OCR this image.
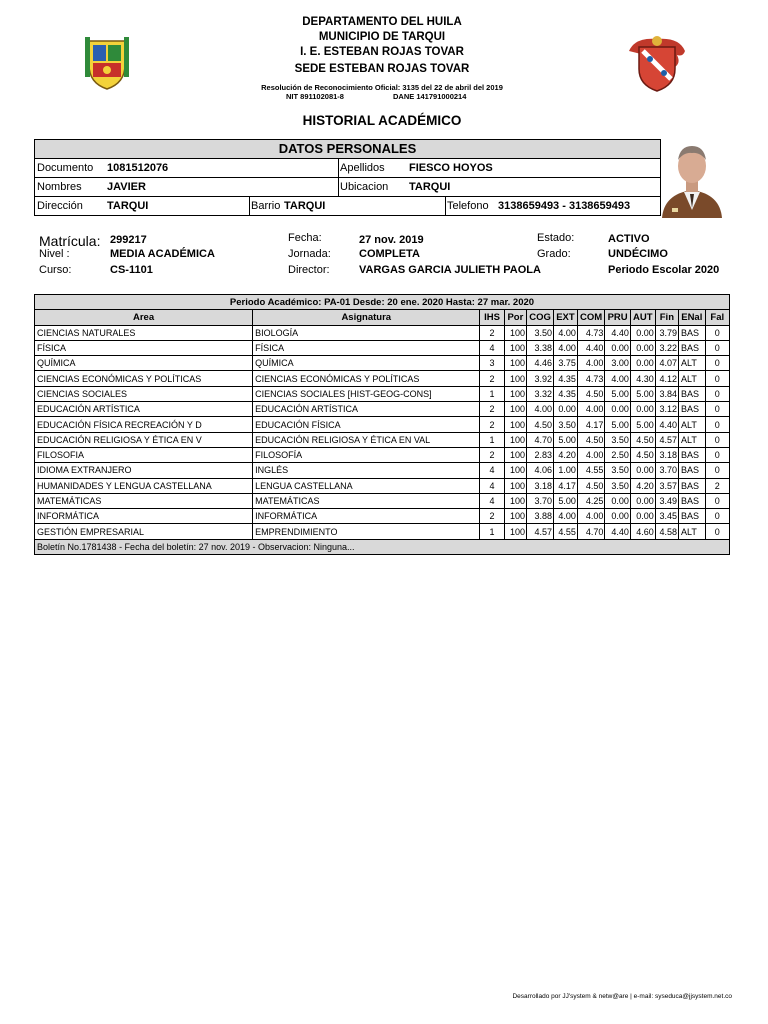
DEPARTAMENTO DEL HUILA
MUNICIPIO DE TARQUI
I. E. ESTEBAN ROJAS TOVAR
SEDE ESTEBAN ROJAS TOVAR
Resolución de Reconocimiento Oficial: 3135 del 22 de abril del 2019
NIT 891102081-8	DANE 141791000214
HISTORIAL ACADÉMICO
DATOS PERSONALES
Documento 1081512076	Apellidos FIESCO HOYOS
Nombres JAVIER	Ubicacion TARQUI
Dirección TARQUI	Barrio TARQUI	Telefono 3138659493 - 3138659493
Matrícula: 299217	Fecha:	27 nov. 2019	Estado:	ACTIVO
Nivel :	MEDIA ACADÉMICA	Jornada:	COMPLETA	Grado:	UNDÉCIMO
Curso:	CS-1101	Director:	VARGAS GARCIA JULIETH PAOLA	Periodo Escolar 2020
Periodo Académico: PA-01 Desde: 20 ene. 2020 Hasta: 27 mar. 2020											
Area	Asignatura	IHS	Por	COG	EXT	COM	PRU	AUT	Fin	ENal	Fal
CIENCIAS NATURALES	BIOLOGÍA	2	100	3.50	4.00	4.73	4.40	0.00	3.79	BAS	0
FÍSICA	FÍSICA	4	100	3.38	4.00	4.40	0.00	0.00	3.22	BAS	0
QUÍMICA	QUÍMICA	3	100	4.46	3.75	4.00	3.00	0.00	4.07	ALT	0
CIENCIAS ECONÓMICAS Y POLÍTICAS	CIENCIAS ECONÓMICAS Y POLÍTICAS	2	100	3.92	4.35	4.73	4.00	4.30	4.12	ALT	0
CIENCIAS SOCIALES	CIENCIAS SOCIALES [HIST-GEOG-CONS]	1	100	3.32	4.35	4.50	5.00	5.00	3.84	BAS	0
EDUCACIÓN ARTÍSTICA	EDUCACIÓN ARTÍSTICA	2	100	4.00	0.00	4.00	0.00	0.00	3.12	BAS	0
EDUCACIÓN FÍSICA RECREACIÓN Y D	EDUCACIÓN FÍSICA	2	100	4.50	3.50	4.17	5.00	5.00	4.40	ALT	0
EDUCACIÓN RELIGIOSA Y ÉTICA EN V	EDUCACIÓN RELIGIOSA Y ÉTICA EN VAL	1	100	4.70	5.00	4.50	3.50	4.50	4.57	ALT	0
FILOSOFIA	FILOSOFÍA	2	100	2.83	4.20	4.00	2.50	4.50	3.18	BAS	0
IDIOMA EXTRANJERO	INGLÉS	4	100	4.06	1.00	4.55	3.50	0.00	3.70	BAS	0
HUMANIDADES Y LENGUA CASTELLANA	LENGUA CASTELLANA	4	100	3.18	4.17	4.50	3.50	4.20	3.57	BAS	2
MATEMÁTICAS	MATEMÁTICAS	4	100	3.70	5.00	4.25	0.00	0.00	3.49	BAS	0
INFORMÁTICA	INFORMÁTICA	2	100	3.88	4.00	4.00	0.00	0.00	3.45	BAS	0
GESTIÓN EMPRESARIAL	EMPRENDIMIENTO	1	100	4.57	4.55	4.70	4.40	4.60	4.58	ALT	0
Boletín No.1781438 - Fecha del boletín: 27 nov. 2019 - Observacion: Ninguna...											
Desarrollado por JJ'system & netw@are | e-mail: syseduca@jjsystem.net.co
